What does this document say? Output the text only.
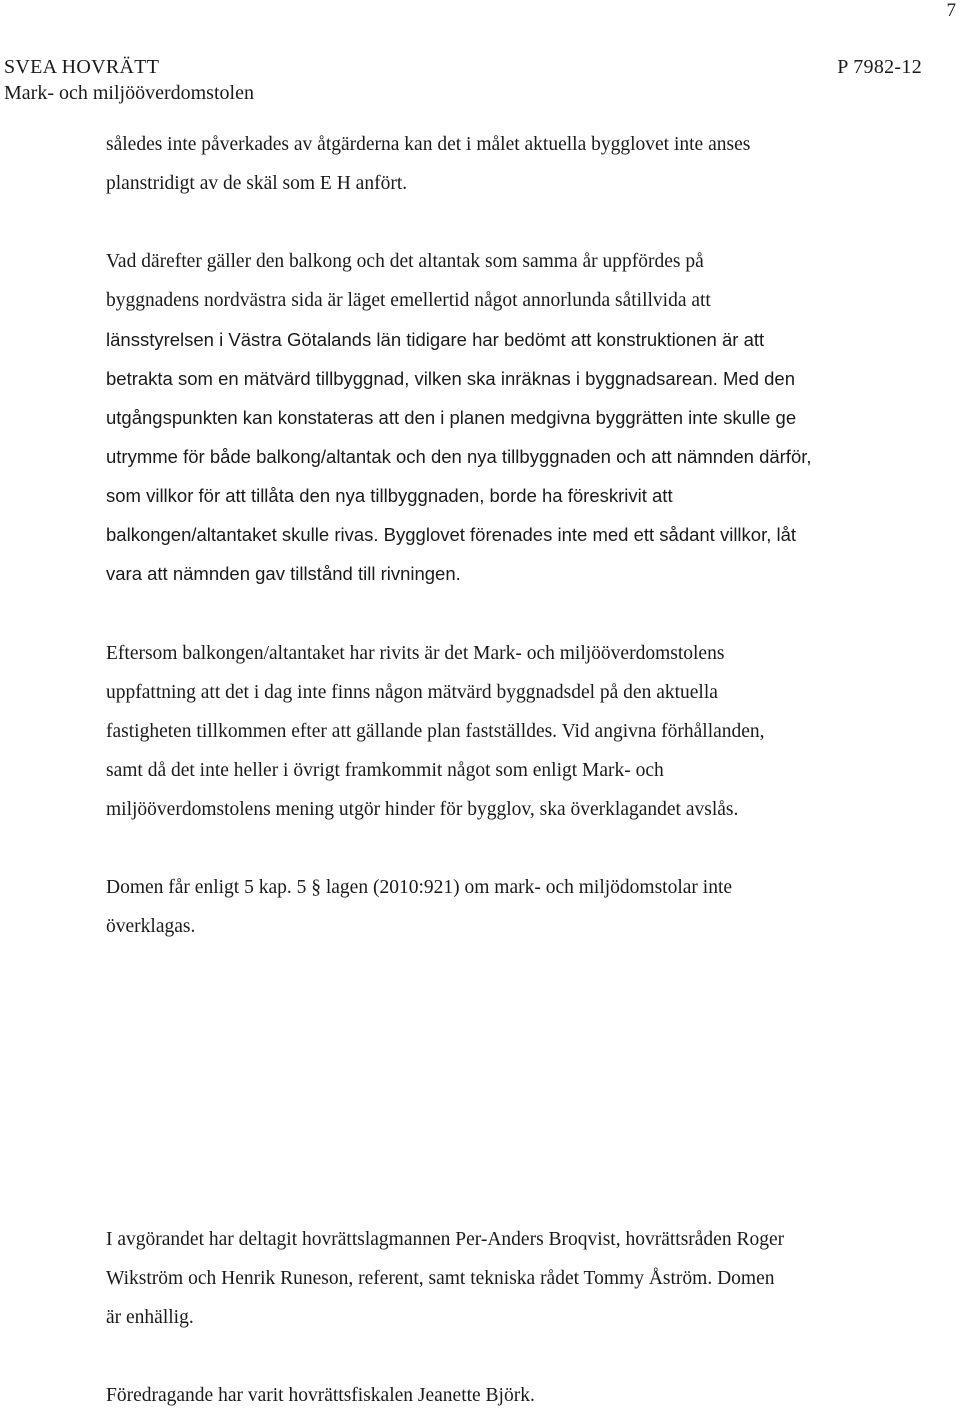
7
SVEA HOVRÄTT	P 7982-12
Mark- och miljööverdomstolen

således inte påverkades av åtgärderna kan det i målet aktuella bygglovet inte anses
planstridigt av de skäl som E H anfört.

Vad därefter gäller den balkong och det altantak som samma år uppfördes på
byggnadens nordvästra sida är läget emellertid något annorlunda såtillvida att
länsstyrelsen i Västra Götalands län tidigare har bedömt att konstruktionen är att
betrakta som en mätvärd tillbyggnad, vilken ska inräknas i byggnadsarean. Med den
utgångspunkten kan konstateras att den i planen medgivna byggrätten inte skulle ge
utrymme för både balkong/altantak och den nya tillbyggnaden och att nämnden därför,
som villkor för att tillåta den nya tillbyggnaden, borde ha föreskrivit att
balkongen/altantaket skulle rivas. Bygglovet förenades inte med ett sådant villkor, låt
vara att nämnden gav tillstånd till rivningen.

Eftersom balkongen/altantaket har rivits är det Mark- och miljööverdomstolens
uppfattning att det i dag inte finns någon mätvärd byggnadsdel på den aktuella
fastigheten tillkommen efter att gällande plan fastställdes. Vid angivna förhållanden,
samt då det inte heller i övrigt framkommit något som enligt Mark- och
miljööverdomstolens mening utgör hinder för bygglov, ska överklagandet avslås.

Domen får enligt 5 kap. 5 § lagen (2010:921) om mark- och miljödomstolar inte
överklagas.

I avgörandet har deltagit hovrättslagmannen Per-Anders Broqvist, hovrättsråden Roger
Wikström och Henrik Runeson, referent, samt tekniska rådet Tommy Åström. Domen
är enhällig.

Föredragande har varit hovrättsfiskalen Jeanette Björk.
